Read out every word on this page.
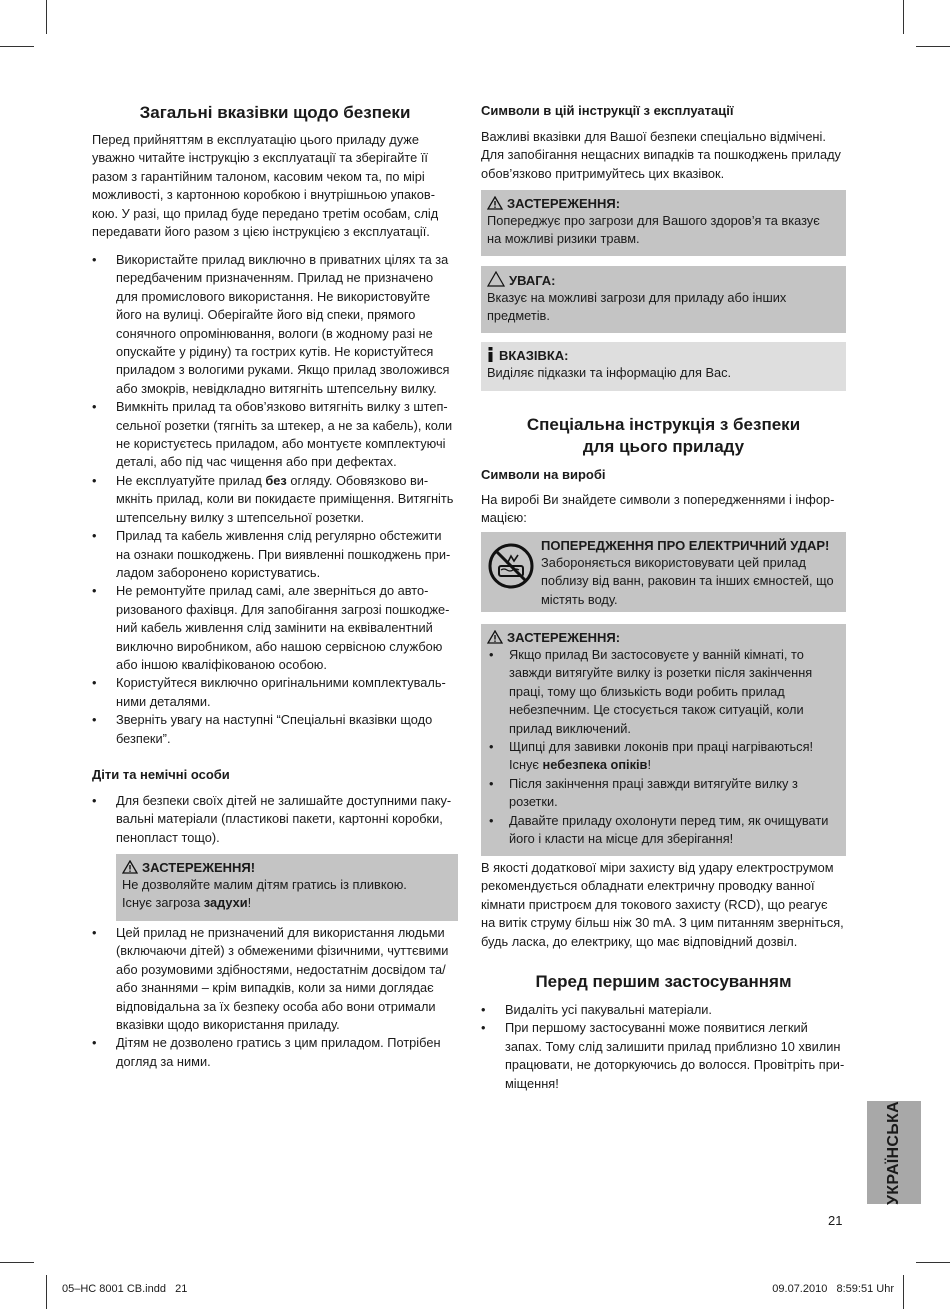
Загальні вказівки щодо безпеки
Перед прийняттям в експлуатацію цього приладу дуже
уважно читайте інструкцію з експлуатації та зберігайте її
разом з гарантійним талоном, касовим чеком та, по мірі
можливості, з картонною коробкою і внутрішньою упаков-
кою. У разі, що прилад буде передано третім особам, слід
передавати його разом з цією інструкцією з експлуатації.
• Використайте прилад виключно в приватних цілях та за
передбаченим призначенням. Прилад не призначено
для промислового використання. Не використовуйте
його на вулиці. Оберігайте його від спеки, прямого
сонячного опромінювання, вологи (в жодному разі не
опускайте у рідину) та гострих кутів. Не користуйтеся
приладом з вологими руками. Якщо прилад зволожився
або змокрів, невідкладно витягніть штепсельну вилку.
• Вимкніть прилад та обов’язково витягніть вилку з штеп-
сельної розетки (тягніть за штекер, а не за кабель), коли
не користуєтесь приладом, або монтуєте комплектуючі
деталі, або під час чищення або при дефектах.
• Не експлуатуйте прилад без огляду. Обовязково ви-
мкніть прилад, коли ви покидаєте приміщення. Витягніть
штепсельну вилку з штепсельної розетки.
• Прилад та кабель живлення слід регулярно обстежити
на ознаки пошкоджень. При виявленні пошкоджень при-
ладом заборонено користуватись.
• Не ремонтуйте прилад самі, але зверніться до авто-
ризованого фахівця. Для запобігання загрозі пошкодже-
ний кабель живлення слід замінити на еквівалентний
виключно виробником, або нашою сервісною службою
або іншою кваліфікованою особою.
• Користуйтеся виключно оригінальними комплектуваль-
ними деталями.
• Зверніть увагу на наступні “Спеціальні вказівки щодо
безпеки”.
Діти та немічні особи
• Для безпеки своїх дітей не залишайте доступними паку-
вальні матеріали (пластикові пакети, картонні коробки,
пенопласт тощо).
ЗАСТЕРЕЖЕННЯ!
Не дозволяйте малим дітям гратись із пливкою.
Існує загроза задухи!
• Цей прилад не призначений для використання людьми
(включаючи дітей) з обмеженими фізичними, чуттєвими
або розумовими здібностями, недостатнім досвідом та/
або знаннями – крім випадків, коли за ними доглядає
відповідальна за їх безпеку особа або вони отримали
вказівки щодо використання приладу.
• Дітям не дозволено гратись з цим приладом. Потрібен
догляд за ними.
Символи в цій інструкції з експлуатації
Важливі вказівки для Вашої безпеки спеціально відмічені.
Для запобігання нещасних випадків та пошкоджень приладу
обов’язково притримуйтесь цих вказівок.
ЗАСТЕРЕЖЕННЯ:
Попереджує про загрози для Вашого здоров’я та вказує
на можливі ризики травм.
УВАГА:
Вказує на можливі загрози для приладу або інших
предметів.
ВКАЗІВКА:
Виділяє підказки та інформацію для Вас.
Спеціальна інструкція з безпеки
для цього приладу
Символи на виробі
На виробі Ви знайдете символи з попередженнями і інфор-
мацією:
ПОПЕРЕДЖЕННЯ ПРО ЕЛЕКТРИЧНИЙ УДАР!
Забороняється використовувати цей прилад
поблизу від ванн, раковин та інших ємностей, що
містять воду.
ЗАСТЕРЕЖЕННЯ:
• Якщо прилад Ви застосовуєте у ванній кімнаті, то
завжди витягуйте вилку із розетки після закінчення
праці, тому що близькість води робить прилад
небезпечним. Це стосується також ситуацій, коли
прилад виключений.
• Щипці для завивки локонів при праці нагріваються!
Існує небезпека опіків!
• Після закінчення праці завжди витягуйте вилку з
розетки.
• Давайте приладу охолонути перед тим, як очищувати
його і класти на місце для зберігання!
В якості додаткової міри захисту від удару електрострумом
рекомендується обладнати електричну проводку ванної
кімнати пристроєм для токового захисту (RCD), що реагує
на витік струму більш ніж 30 mA. З цим питанням зверніться,
будь ласка, до електрику, що має відповідний дозвіл.
Перед першим застосуванням
• Видаліть усі пакувальні матеріали.
• При першому застосуванні може появитися легкий
запах. Тому слід залишити прилад приблизно 10 хвилин
працювати, не доторкуючись до волосся. Провітріть при-
міщення!
УКРАЇНСЬКА
21
05–HC 8001 CB.indd   21	09.07.2010   8:59:51 Uhr
